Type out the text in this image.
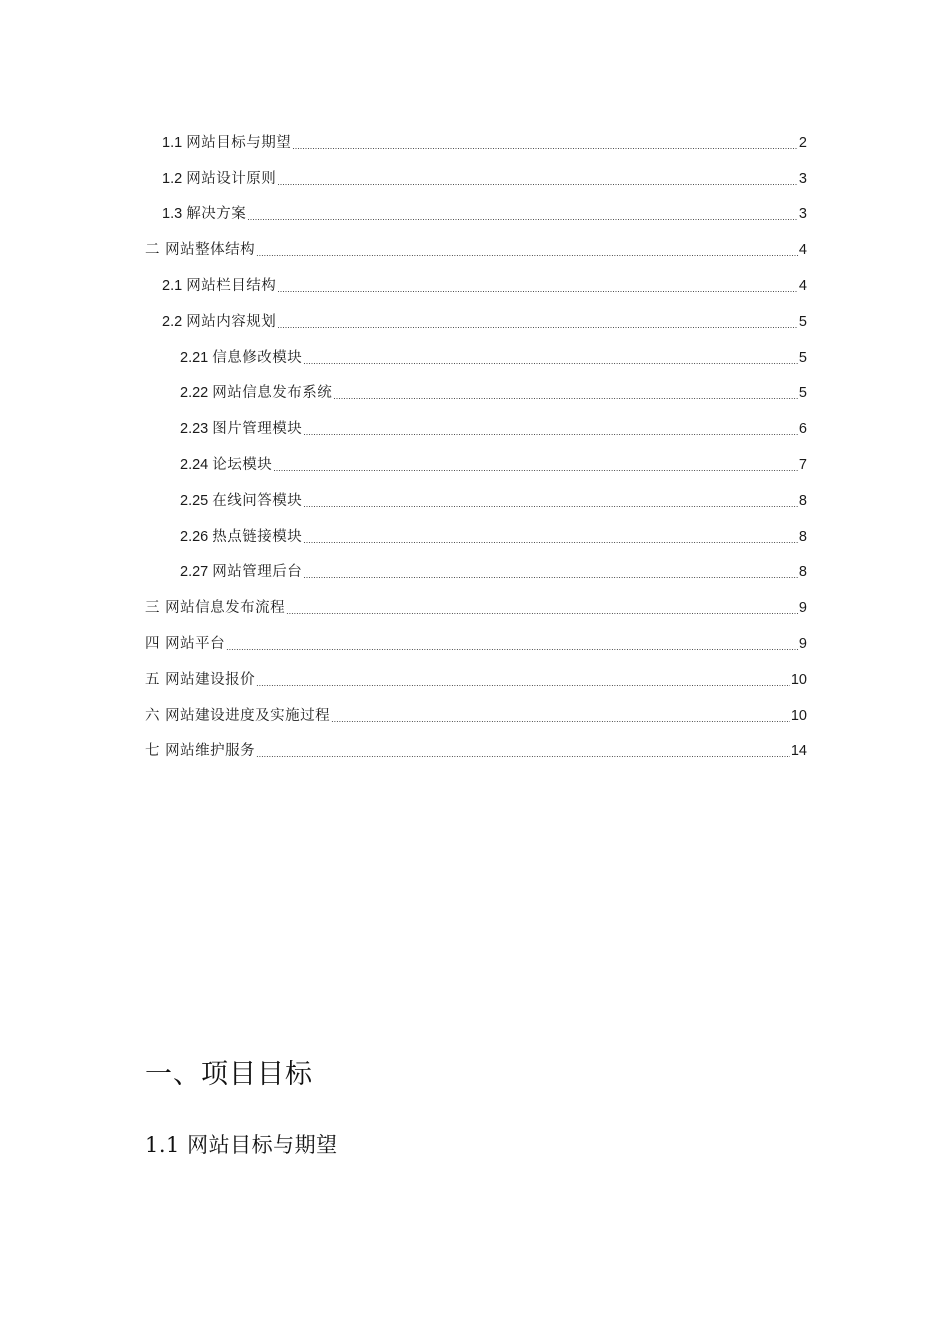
1.1 网站目标与期望 .....	2
1.2 网站设计原则 .....	3
1.3 解决方案 .....	3
二 网站整体结构 .....	4
2.1 网站栏目结构 .....	4
2.2 网站内容规划 .....	5
2.21 信息修改模块 .....	5
2.22 网站信息发布系统 .....	5
2.23 图片管理模块 .....	6
2.24 论坛模块 .....	7
2.25 在线问答模块 .....	8
2.26 热点链接模块 .....	8
2.27 网站管理后台 .....	8
三 网站信息发布流程 .....	9
四 网站平台 .....	9
五 网站建设报价 .....	10
六 网站建设进度及实施过程 .....	10
七 网站维护服务 .....	14
一、项目目标
1.1 网站目标与期望
